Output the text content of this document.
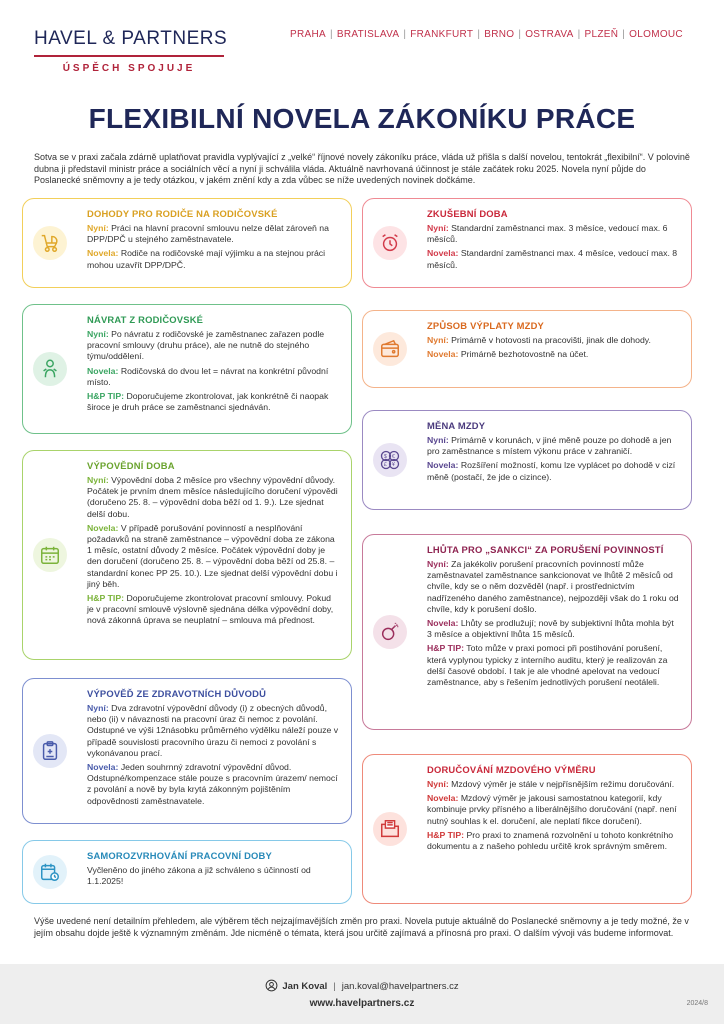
HAVEL & PARTNERS
ÚSPĚCH SPOJUJE
PRAHA | BRATISLAVA | FRANKFURT | BRNO | OSTRAVA | PLZEŇ | OLOMOUC
FLEXIBILNÍ NOVELA ZÁKONÍKU PRÁCE

Sotva se v praxi začala zdárně uplatňovat pravidla vyplývající z „velké“ říjnové novely zákoníku práce, vláda už přišla s další novelou, tentokrát „flexibilní“. V polovině dubna ji představil ministr práce a sociálních věcí a nyní ji schválila vláda. Aktuálně navrhovaná účinnost je stále začátek roku 2025. Novela nyní půjde do Poslanecké sněmovny a je tedy otázkou, v jakém znění kdy a zda vůbec se níže uvedených novinek dočkáme.

DOHODY PRO RODIČE NA RODIČOVSKÉ

Nyní: Práci na hlavní pracovní smlouvu nelze dělat zároveň na DPP/DPČ u stejného zaměstnavatele.

Novela: Rodiče na rodičovské mají výjimku a na stejnou práci mohou uzavřít DPP/DPČ.

NÁVRAT Z RODIČOVSKÉ

Nyní: Po návratu z rodičovské je zaměstnanec zařazen podle pracovní smlouvy (druhu práce), ale ne nutně do stejného týmu/oddělení.

Novela: Rodičovská do dvou let = návrat na konkrétní původní místo.

H&P TIP: Doporučujeme zkontrolovat, jak konkrétně či naopak široce je druh práce se zaměstnanci sjednáván.

VÝPOVĚDNÍ DOBA

Nyní: Výpovědní doba 2 měsíce pro všechny výpovědní důvody. Počátek je prvním dnem měsíce následujícího doručení výpovědi (doručeno 25. 8. – výpovědní doba běží od 1. 9.). Lze sjednat delší dobu.

Novela: V případě porušování povinností a nesplňování požadavků na straně zaměstnance – výpovědní doba ze zákona 1 měsíc, ostatní důvody 2 měsíce. Počátek výpovědní doby je den doručení (doručeno 25. 8. – výpovědní doba běží od 25.8. – standardní konec PP 25. 10.). Lze sjednat delší výpovědní dobu i jiný běh.

H&P TIP: Doporučujeme zkontrolovat pracovní smlouvy. Pokud je v pracovní smlouvě výslovně sjednána délka výpovědní doby, nová zákonná úprava se neuplatní – smlouva má přednost.

VÝPOVĚĎ ZE ZDRAVOTNÍCH DŮVODŮ

Nyní: Dva zdravotní výpovědní důvody (i) z obecných důvodů, nebo (ii) v návaznosti na pracovní úraz či nemoc z povolání. Odstupné ve výši 12násobku průměrného výdělku náleží pouze v případě souvislosti pracovního úrazu či nemoci z povolání s vykonávanou prací.

Novela: Jeden souhrnný zdravotní výpovědní důvod. Odstupné/kompenzace stále pouze s pracovním úrazem/ nemocí z povolání a nově by byla krytá zákonným pojištěním odpovědnosti zaměstnavatele.

SAMOROZVRHOVÁNÍ PRACOVNÍ DOBY

Vyčleněno do jiného zákona a již schváleno s účinností od 1.1.2025!

ZKUŠEBNÍ DOBA

Nyní: Standardní zaměstnanci max. 3 měsíce, vedoucí max. 6 měsíců.

Novela: Standardní zaměstnanci max. 4 měsíce, vedoucí max. 8 měsíců.

ZPŮSOB VÝPLATY MZDY

Nyní: Primárně v hotovosti na pracovišti, jinak dle dohody.

Novela: Primárně bezhotovostně na účet.

$ €
£ ¥
MĚNA MZDY

Nyní: Primárně v korunách, v jiné měně pouze po dohodě a jen pro zaměstnance s místem výkonu práce v zahraničí.

Novela: Rozšíření možností, komu lze vyplácet po dohodě v cizí měně (postačí, že jde o cizince).

LHŮTA PRO „SANKCI“ ZA PORUŠENÍ POVINNOSTÍ

Nyní: Za jakékoliv porušení pracovních povinností může zaměstnavatel zaměstnance sankcionovat ve lhůtě 2 měsíců od chvíle, kdy se o něm dozvěděl (např. i prostřednictvím nadřízeného daného zaměstnance), nejpozději však do 1 roku od chvíle, kdy k porušení došlo.

Novela: Lhůty se prodlužují; nově by subjektivní lhůta mohla být 3 měsíce a objektivní lhůta 15 měsíců.

H&P TIP: Toto může v praxi pomoci při postihování porušení, která vyplynou typicky z interního auditu, který je realizován za delší časové období. I tak je ale vhodné apelovat na vedoucí zaměstnance, aby s řešením jednotlivých porušení neotáleli.

DORUČOVÁNÍ MZDOVÉHO VÝMĚRU

Nyní: Mzdový výměr je stále v nejpřísnějším režimu doručování.

Novela: Mzdový výměr je jakousi samostatnou kategorií, kdy kombinuje prvky přísného a liberálnějšího doručování (např. není nutný souhlas k el. doručení, ale neplatí fikce doručení).

H&P TIP: Pro praxi to znamená rozvolnění u tohoto konkrétního dokumentu a z našeho pohledu určitě krok správným směrem.

Výše uvedené není detailním přehledem, ale výběrem těch nejzajímavějších změn pro praxi. Novela putuje aktuálně do Poslanecké sněmovny a je tedy možné, že v jejím obsahu dojde ještě k významným změnám. Jde nicméně o témata, která jsou určitě zajímavá a přínosná pro praxi. O dalším vývoji vás budeme informovat.

Jan Koval | jan.koval@havelpartners.cz
www.havelpartners.cz	2024/8
